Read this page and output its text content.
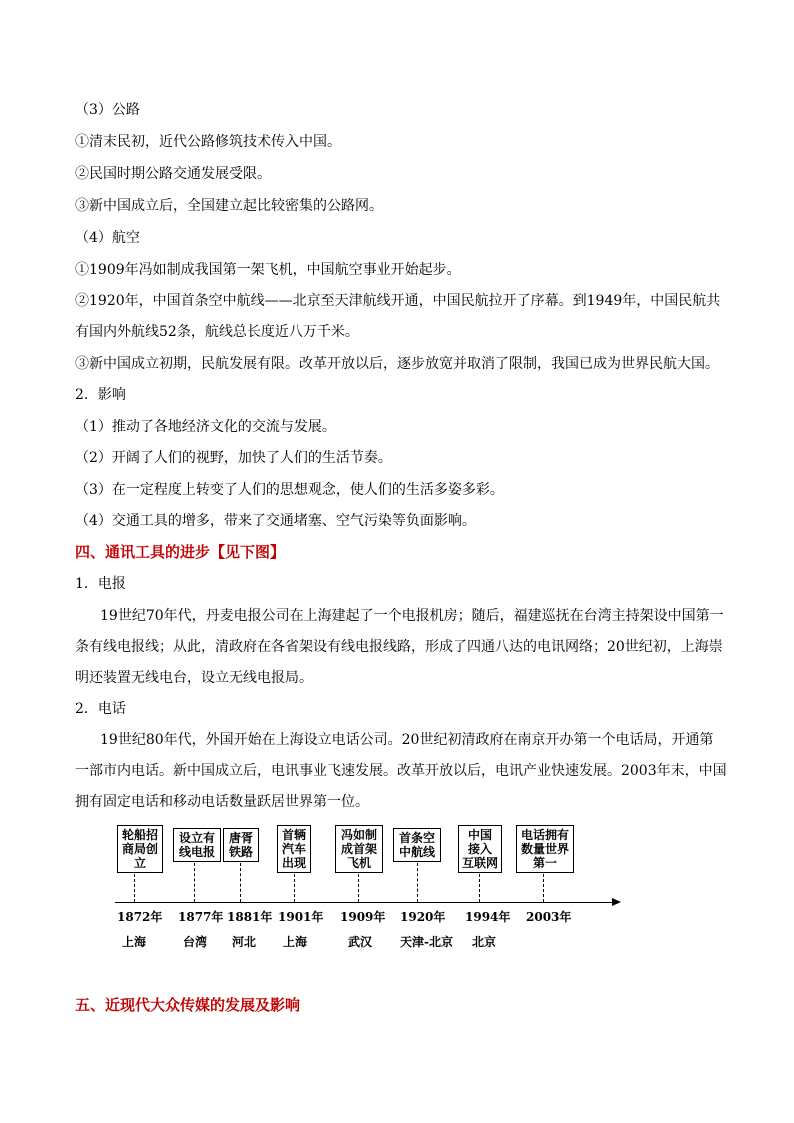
（3）公路
①清末民初，近代公路修筑技术传入中国。
②民国时期公路交通发展受限。
③新中国成立后，全国建立起比较密集的公路网。
（4）航空
①1909年冯如制成我国第一架飞机，中国航空事业开始起步。
②1920年，中国首条空中航线——北京至天津航线开通，中国民航拉开了序幕。到1949年，中国民航共
有国内外航线52条，航线总长度近八万千米。
③新中国成立初期，民航发展有限。改革开放以后，逐步放宽并取消了限制，我国已成为世界民航大国。
2．影响
（1）推动了各地经济文化的交流与发展。
（2）开阔了人们的视野，加快了人们的生活节奏。
（3）在一定程度上转变了人们的思想观念，使人们的生活多姿多彩。
（4）交通工具的增多，带来了交通堵塞、空气污染等负面影响。
四、通讯工具的进步【见下图】
1．电报
19世纪70年代，丹麦电报公司在上海建起了一个电报机房；随后，福建巡抚在台湾主持架设中国第一
条有线电报线；从此，清政府在各省架设有线电报线路，形成了四通八达的电讯网络；20世纪初，上海崇
明还装置无线电台，设立无线电报局。
2．电话
19世纪80年代，外国开始在上海设立电话公司。20世纪初清政府在南京开办第一个电话局，开通第
一部市内电话。新中国成立后，电讯事业飞速发展。改革开放以后，电讯产业快速发展。2003年末，中国
拥有固定电话和移动电话数量跃居世界第一位。
轮船招
商局创
立
1872年
上海
设立有
线电报
1877年
台湾
唐胥
铁路
1881年
河北
首辆
汽车
出现
1901年
上海
冯如制
成首架
飞机
1909年
武汉
首条空
中航线
1920年
天津-北京
中国
接入
互联网
1994年
北京
电话拥有
数量世界
第一
2003年
五、近现代大众传媒的发展及影响
